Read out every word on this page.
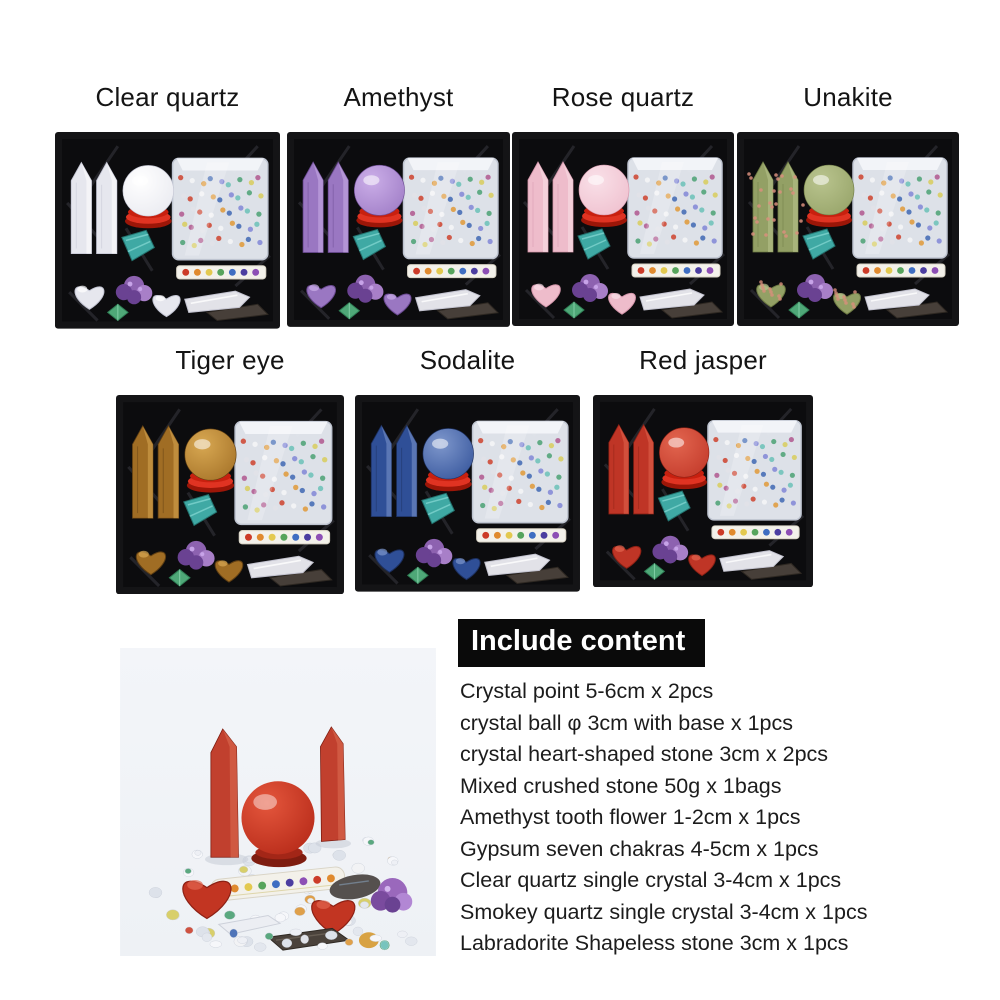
Clear quartz	Amethyst	Rose quartz	Unakite
Tiger eye	Sodalite	Red jasper
Include content
Crystal point 5-6cm x 2pcs
crystal ball φ 3cm with base x 1pcs
crystal heart-shaped stone 3cm x 2pcs
Mixed crushed stone 50g x 1bags
Amethyst tooth flower 1-2cm x 1pcs
Gypsum seven chakras 4-5cm x 1pcs
Clear quartz single crystal 3-4cm x 1pcs
Smokey quartz single crystal 3-4cm x 1pcs
Labradorite Shapeless stone 3cm x 1pcs
